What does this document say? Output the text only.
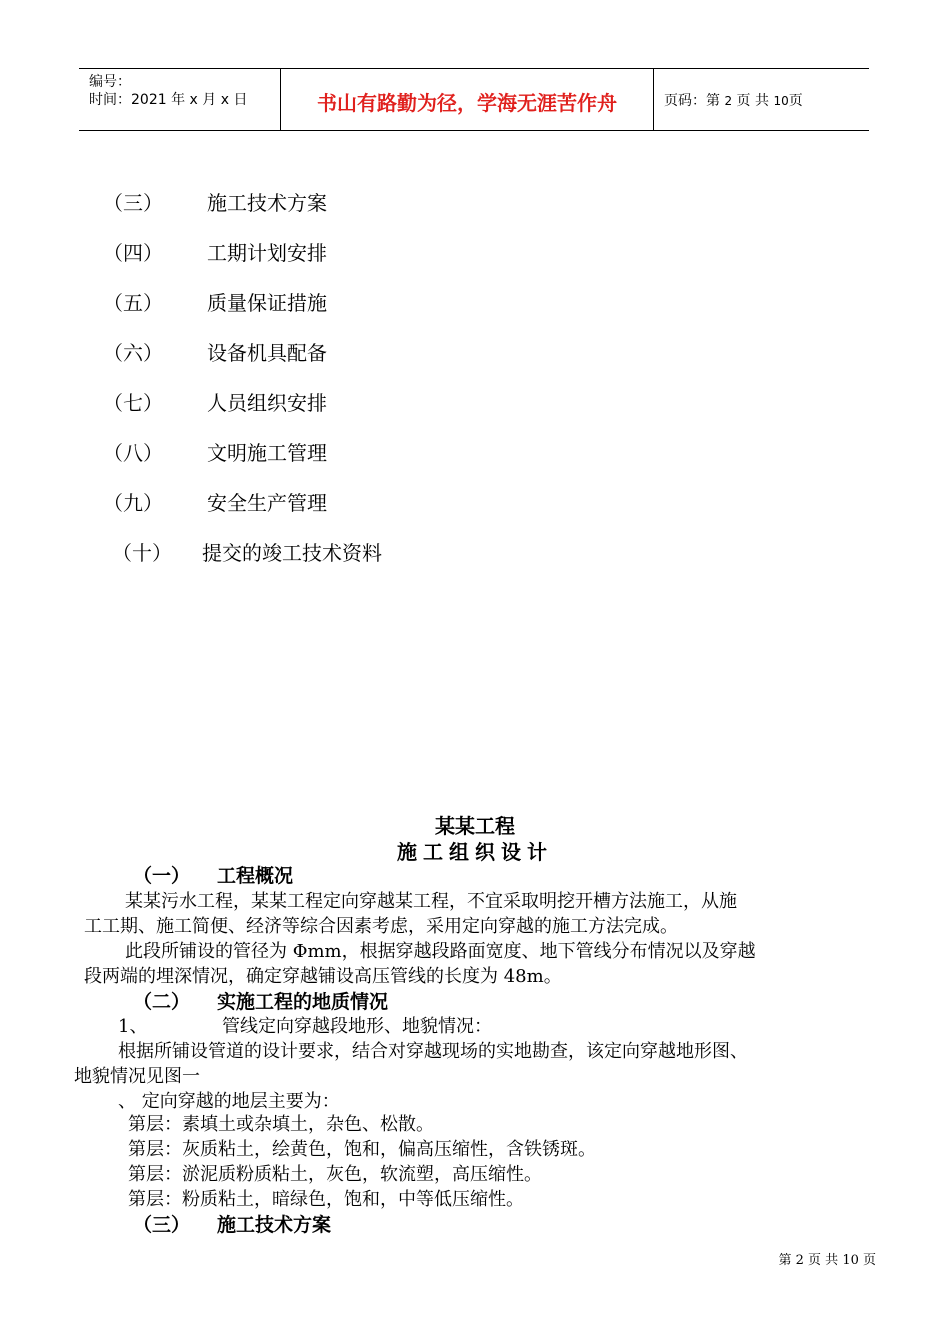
编号：
时间：2021 年 x 月 x 日	书山有路勤为径，学海无涯苦作舟	页码：第 2 页 共 10页
（三） 施工技术方案
（四） 工期计划安排
（五） 质量保证措施
（六） 设备机具配备
（七） 人员组织安排
（八） 文明施工管理
（九） 安全生产管理
（十） 提交的竣工技术资料
某某工程
施工组织设计
（一） 工程概况
某某污水工程，某某工程定向穿越某工程，不宜采取明挖开槽方法施工，从施
工工期、施工简便、经济等综合因素考虑，采用定向穿越的施工方法完成。
此段所铺设的管径为 Φmm，根据穿越段路面宽度、地下管线分布情况以及穿越
段两端的埋深情况，确定穿越铺设高压管线的长度为 48m。
（二） 实施工程的地质情况
1、	管线定向穿越段地形、地貌情况：
根据所铺设管道的设计要求，结合对穿越现场的实地勘查，该定向穿越地形图、
地貌情况见图一
、 定向穿越的地层主要为：
第层：素填土或杂填土，杂色、松散。
第层：灰质粘土，绘黄色，饱和，偏高压缩性，含铁锈斑。
第层：淤泥质粉质粘土，灰色，软流塑，高压缩性。
第层：粉质粘土，暗绿色，饱和，中等低压缩性。
（三） 施工技术方案
第 2 页 共 10 页
